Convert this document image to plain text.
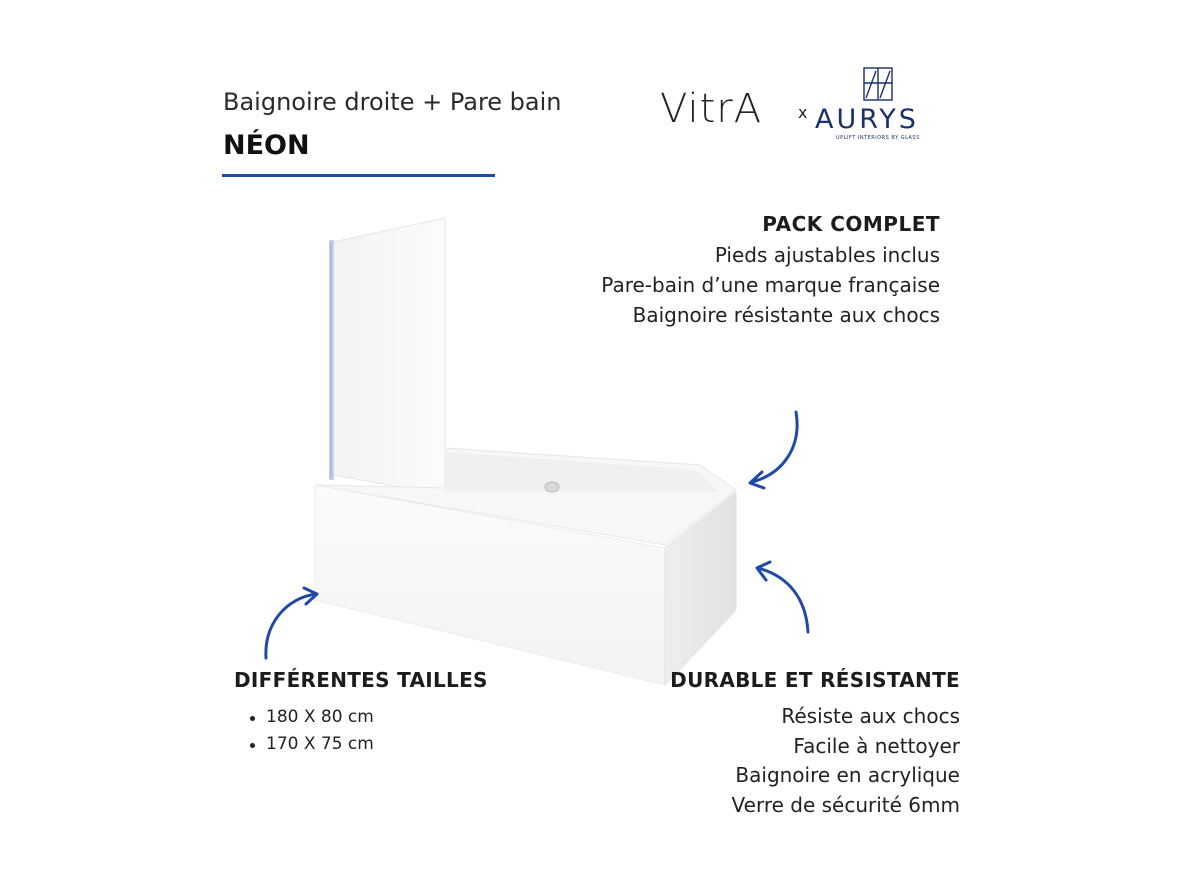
Baignoire droite + Pare bain
NÉON
VitrA x AURYS
UPLIFT INTERIORS BY GLASS
PACK COMPLET
Pieds ajustables inclus
Pare-bain d’une marque française
Baignoire résistante aux chocs
DIFFÉRENTES TAILLES
180 X 80 cm
170 X 75 cm
DURABLE ET RÉSISTANTE
Résiste aux chocs
Facile à nettoyer
Baignoire en acrylique
Verre de sécurité 6mm
